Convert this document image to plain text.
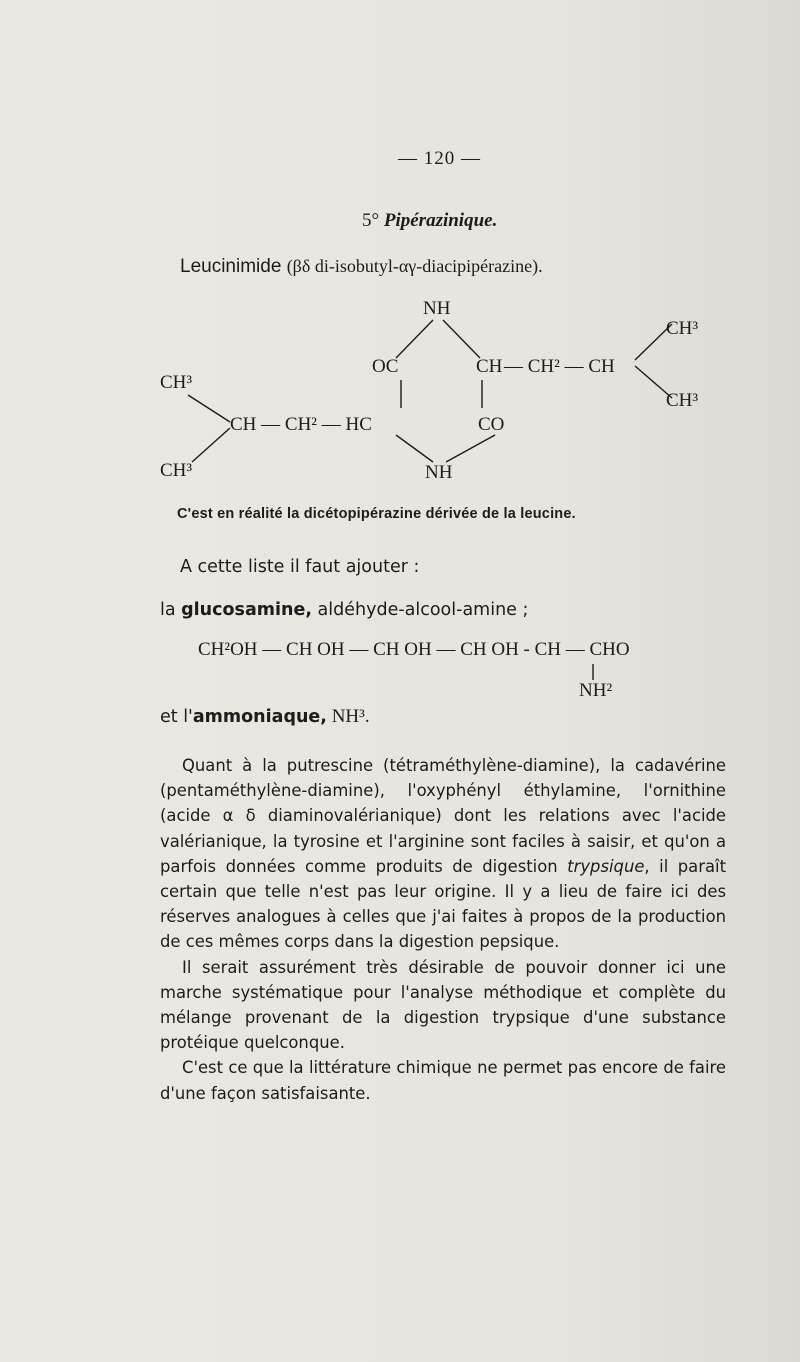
— 120 —
5° Pipérazinique.
Leucinimide (βδ di-isobutyl-αγ-diacipipérazine).
NH
OC	CH — CH² — CH
CH³
CH³
CH³
CH³
CH — CH² — HC	CO
NH
C'est en réalité la dicétopipérazine dérivée de la leucine.
A cette liste il faut ajouter :
la glucosamine, aldéhyde-alcool-amine ;
CH²OH — CH OH — CH OH — CH OH - CH — CHO
NH²
et l'ammoniaque, NH³.

Quant à la putrescine (tétraméthylène-diamine), la cadavérine (pentaméthylène-diamine), l'oxyphényl éthylamine, l'ornithine (acide α δ diaminovalérianique) dont les relations avec l'acide valérianique, la tyrosine et l'arginine sont faciles à saisir, et qu'on a parfois données comme produits de digestion trypsique, il paraît certain que telle n'est pas leur origine. Il y a lieu de faire ici des réserves analogues à celles que j'ai faites à propos de la production de ces mêmes corps dans la digestion pepsique.

Il serait assurément très désirable de pouvoir donner ici une marche systématique pour l'analyse méthodique et complète du mélange provenant de la digestion trypsique d'une substance protéique quelconque.

C'est ce que la littérature chimique ne permet pas encore de faire d'une façon satisfaisante.
